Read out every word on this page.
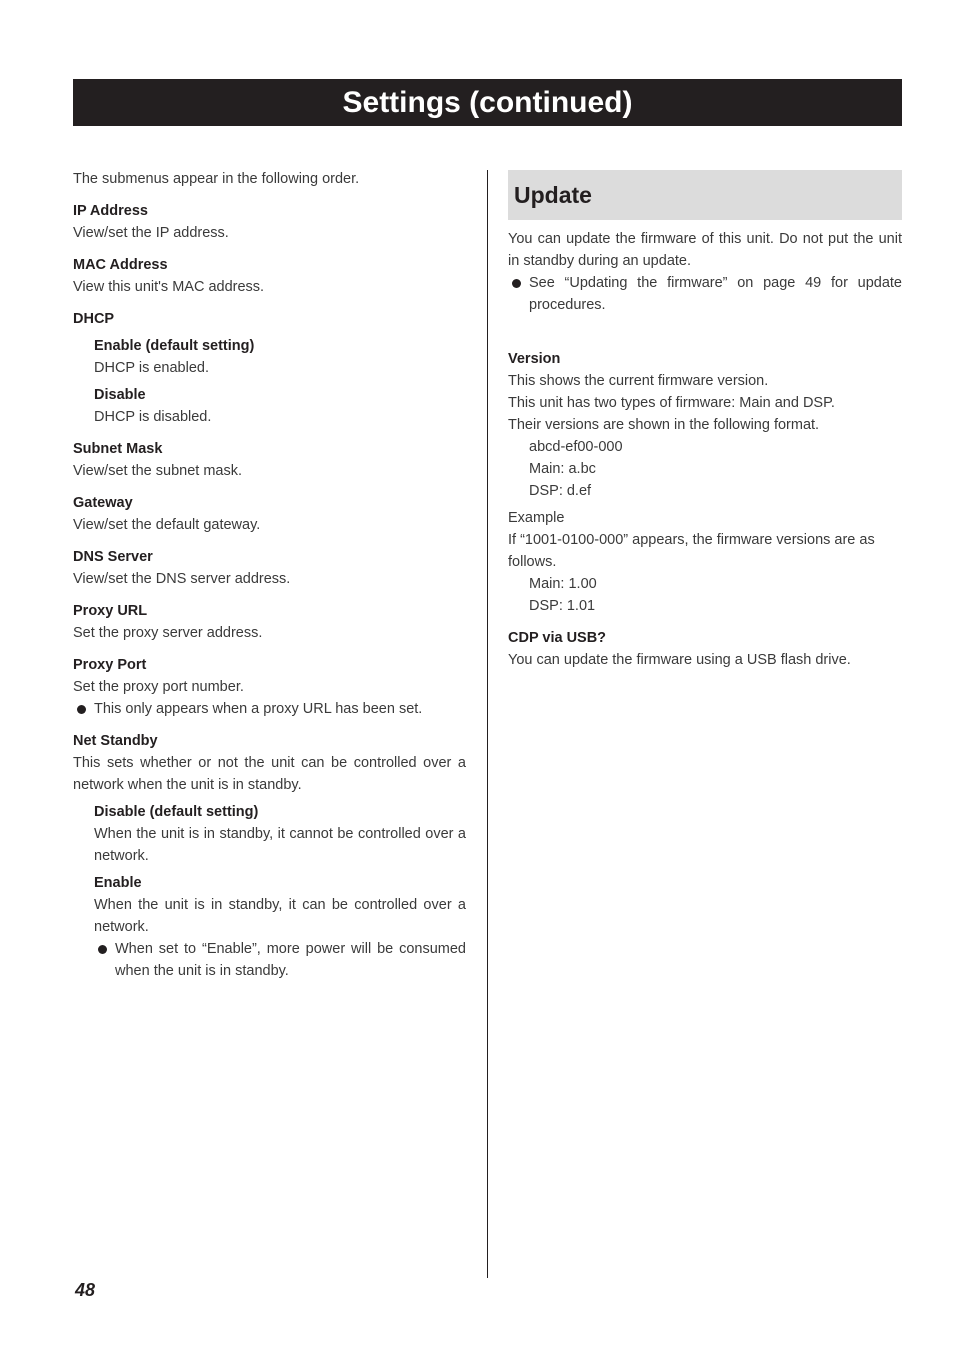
Settings (continued)

The submenus appear in the following order.

IP Address

View/set the IP address.

MAC Address

View this unit's MAC address.

DHCP
Enable (default setting)

DHCP is enabled.

Disable

DHCP is disabled.

Subnet Mask

View/set the subnet mask.

Gateway

View/set the default gateway.

DNS Server

View/set the DNS server address.

Proxy URL

Set the proxy server address.

Proxy Port

Set the proxy port number.

This only appears when a proxy URL has been set.
Net Standby

This sets whether or not the unit can be controlled over a network when the unit is in standby.

Disable (default setting)

When the unit is in standby, it cannot be controlled over a network.

Enable

When the unit is in standby, it can be controlled over a network.

When set to “Enable”, more power will be consumed when the unit is in standby.
Update

You can update the firmware of this unit. Do not put the unit in standby during an update.

See “Updating the firmware” on page 49 for update procedures.
Version

This shows the current firmware version.

This unit has two types of firmware: Main and DSP.

Their versions are shown in the following format.

abcd-ef00-000

Main: a.bc

DSP: d.ef

Example

If “1001-0100-000” appears, the firmware versions are as follows.

Main: 1.00

DSP: 1.01

CDP via USB?

You can update the firmware using a USB flash drive.

48
